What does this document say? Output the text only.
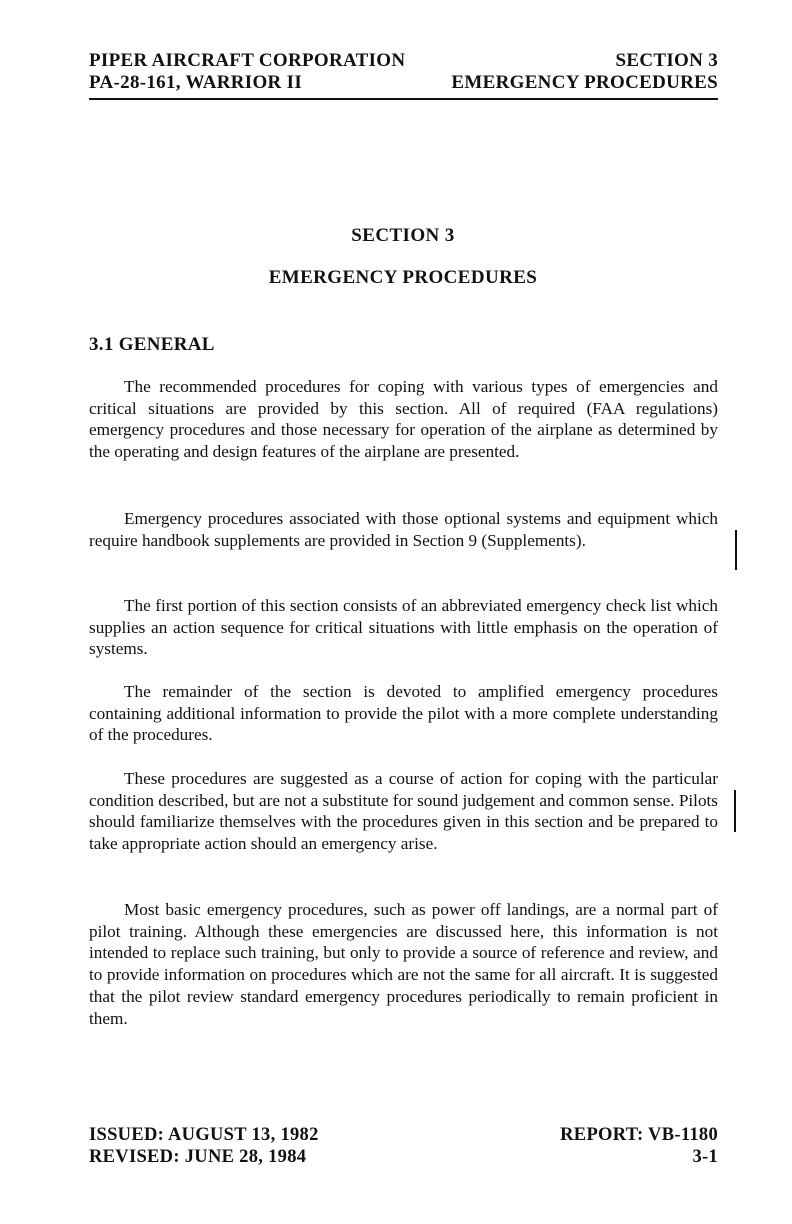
PIPER AIRCRAFT CORPORATION	SECTION 3
PA-28-161, WARRIOR II	EMERGENCY PROCEDURES
SECTION 3
EMERGENCY PROCEDURES
3.1 GENERAL
The recommended procedures for coping with various types of emergencies and critical situations are provided by this section. All of required (FAA regulations) emergency procedures and those necessary for operation of the airplane as determined by the operating and design features of the airplane are presented.
Emergency procedures associated with those optional systems and equipment which require handbook supplements are provided in Section 9 (Supplements).
The first portion of this section consists of an abbreviated emergency check list which supplies an action sequence for critical situations with little emphasis on the operation of systems.
The remainder of the section is devoted to amplified emergency procedures containing additional information to provide the pilot with a more complete understanding of the procedures.
These procedures are suggested as a course of action for coping with the particular condition described, but are not a substitute for sound judgement and common sense. Pilots should familiarize themselves with the procedures given in this section and be prepared to take appropriate action should an emergency arise.
Most basic emergency procedures, such as power off landings, are a normal part of pilot training. Although these emergencies are discussed here, this information is not intended to replace such training, but only to provide a source of reference and review, and to provide information on procedures which are not the same for all aircraft. It is suggested that the pilot review standard emergency procedures periodically to remain proficient in them.
ISSUED: AUGUST 13, 1982	REPORT: VB-1180
REVISED: JUNE 28, 1984	3-1
